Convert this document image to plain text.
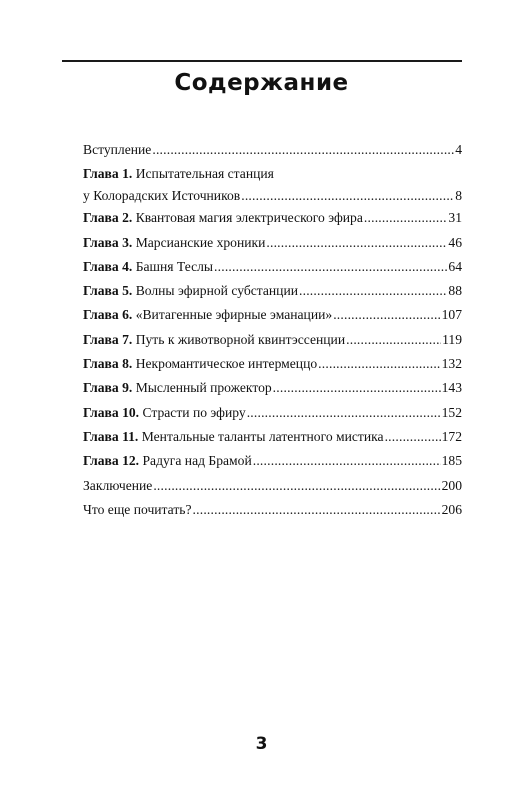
Содержание
Вступление .....	4
Глава 1. Испытательная станция
у Колорадских Источников .....	8
Глава 2. Квантовая магия электрического эфира .....	31
Глава 3. Марсианские хроники .....	46
Глава 4. Башня Теслы .....	64
Глава 5. Волны эфирной субстанции .....	88
Глава 6. «Витагенные эфирные эманации» .....	107
Глава 7. Путь к животворной квинтэссенции .....	119
Глава 8. Некромантическое интермеццо .....	132
Глава 9. Мысленный прожектор .....	143
Глава 10. Страсти по эфиру .....	152
Глава 11. Ментальные таланты латентного мистика .....	172
Глава 12. Радуга над Брамой .....	185
Заключение .....	200
Что еще почитать? .....	206
3
